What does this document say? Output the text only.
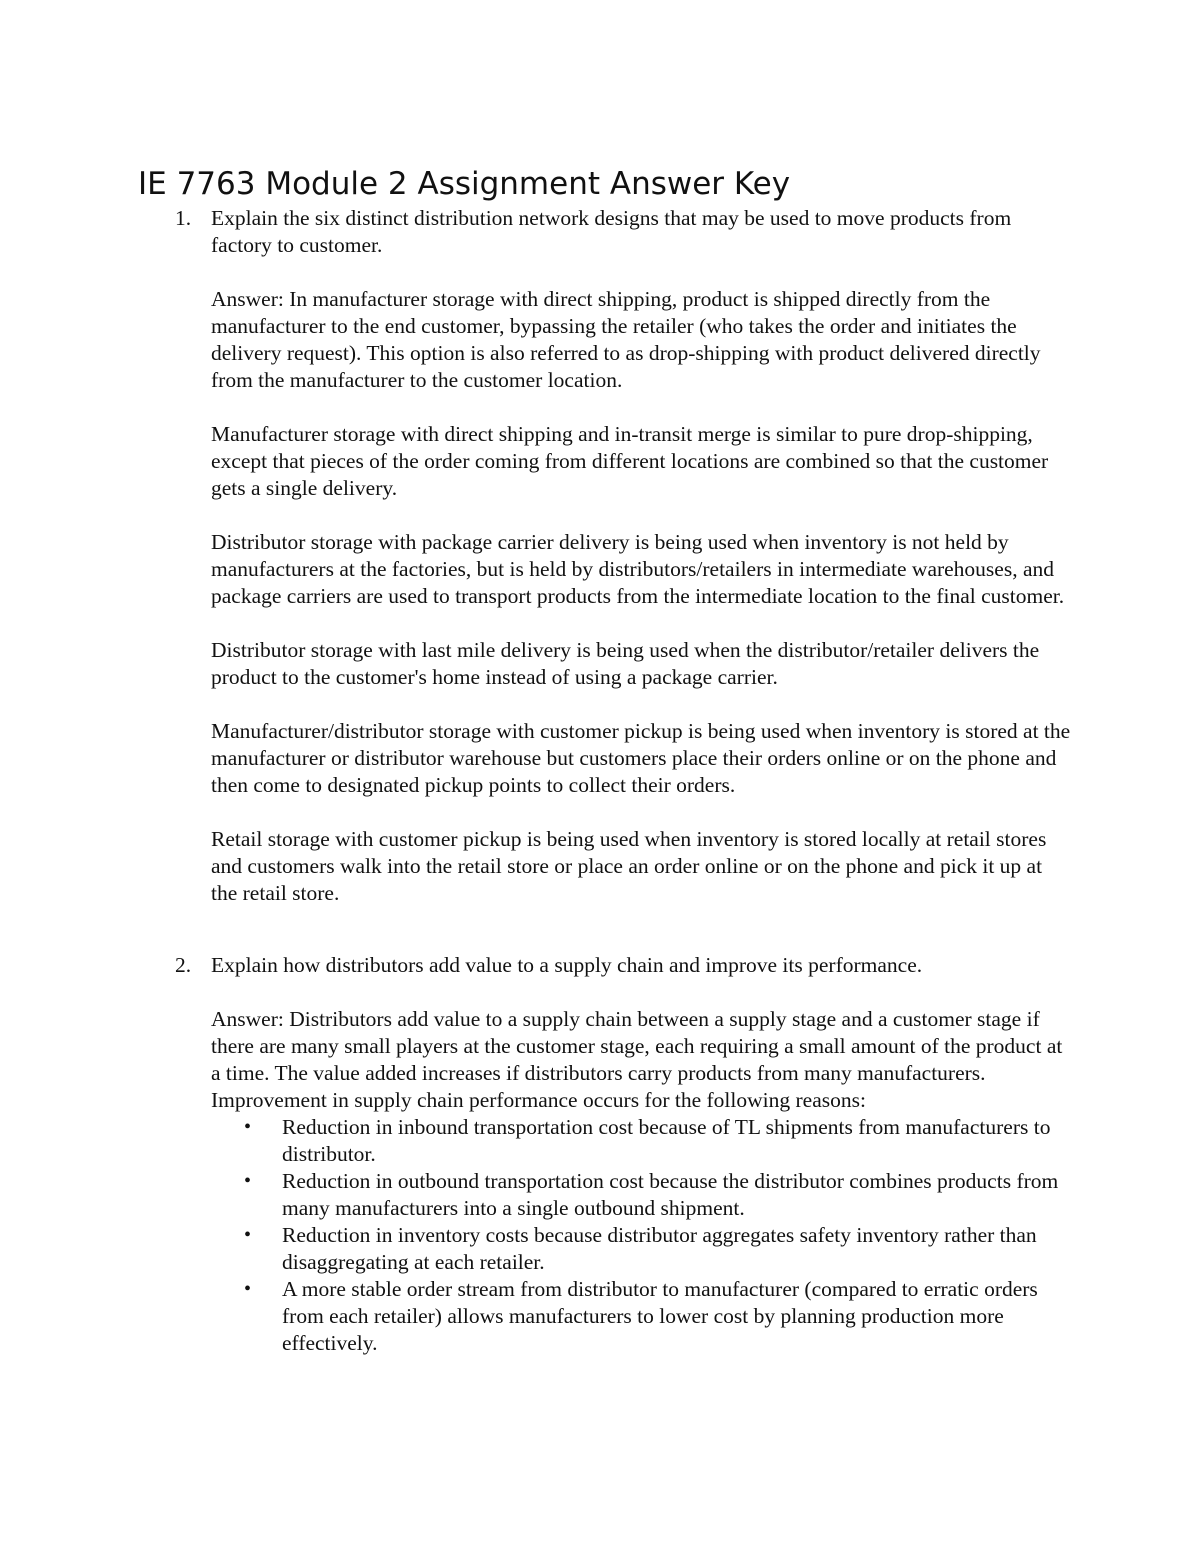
IE 7763 Module 2 Assignment Answer Key
1. Explain the six distinct distribution network designs that may be used to move products from factory to customer.

Answer: In manufacturer storage with direct shipping, product is shipped directly from the manufacturer to the end customer, bypassing the retailer (who takes the order and initiates the delivery request). This option is also referred to as drop-shipping with product delivered directly from the manufacturer to the customer location.

Manufacturer storage with direct shipping and in-transit merge is similar to pure drop-shipping, except that pieces of the order coming from different locations are combined so that the customer gets a single delivery.

Distributor storage with package carrier delivery is being used when inventory is not held by manufacturers at the factories, but is held by distributors/retailers in intermediate warehouses, and package carriers are used to transport products from the intermediate location to the final customer.

Distributor storage with last mile delivery is being used when the distributor/retailer delivers the product to the customer's home instead of using a package carrier.

Manufacturer/distributor storage with customer pickup is being used when inventory is stored at the manufacturer or distributor warehouse but customers place their orders online or on the phone and then come to designated pickup points to collect their orders.

Retail storage with customer pickup is being used when inventory is stored locally at retail stores and customers walk into the retail store or place an order online or on the phone and pick it up at the retail store.

2. Explain how distributors add value to a supply chain and improve its performance.

Answer: Distributors add value to a supply chain between a supply stage and a customer stage if there are many small players at the customer stage, each requiring a small amount of the product at a time. The value added increases if distributors carry products from many manufacturers. Improvement in supply chain performance occurs for the following reasons:

• Reduction in inbound transportation cost because of TL shipments from manufacturers to distributor.
• Reduction in outbound transportation cost because the distributor combines products from many manufacturers into a single outbound shipment.
• Reduction in inventory costs because distributor aggregates safety inventory rather than disaggregating at each retailer.
• A more stable order stream from distributor to manufacturer (compared to erratic orders from each retailer) allows manufacturers to lower cost by planning production more effectively.
